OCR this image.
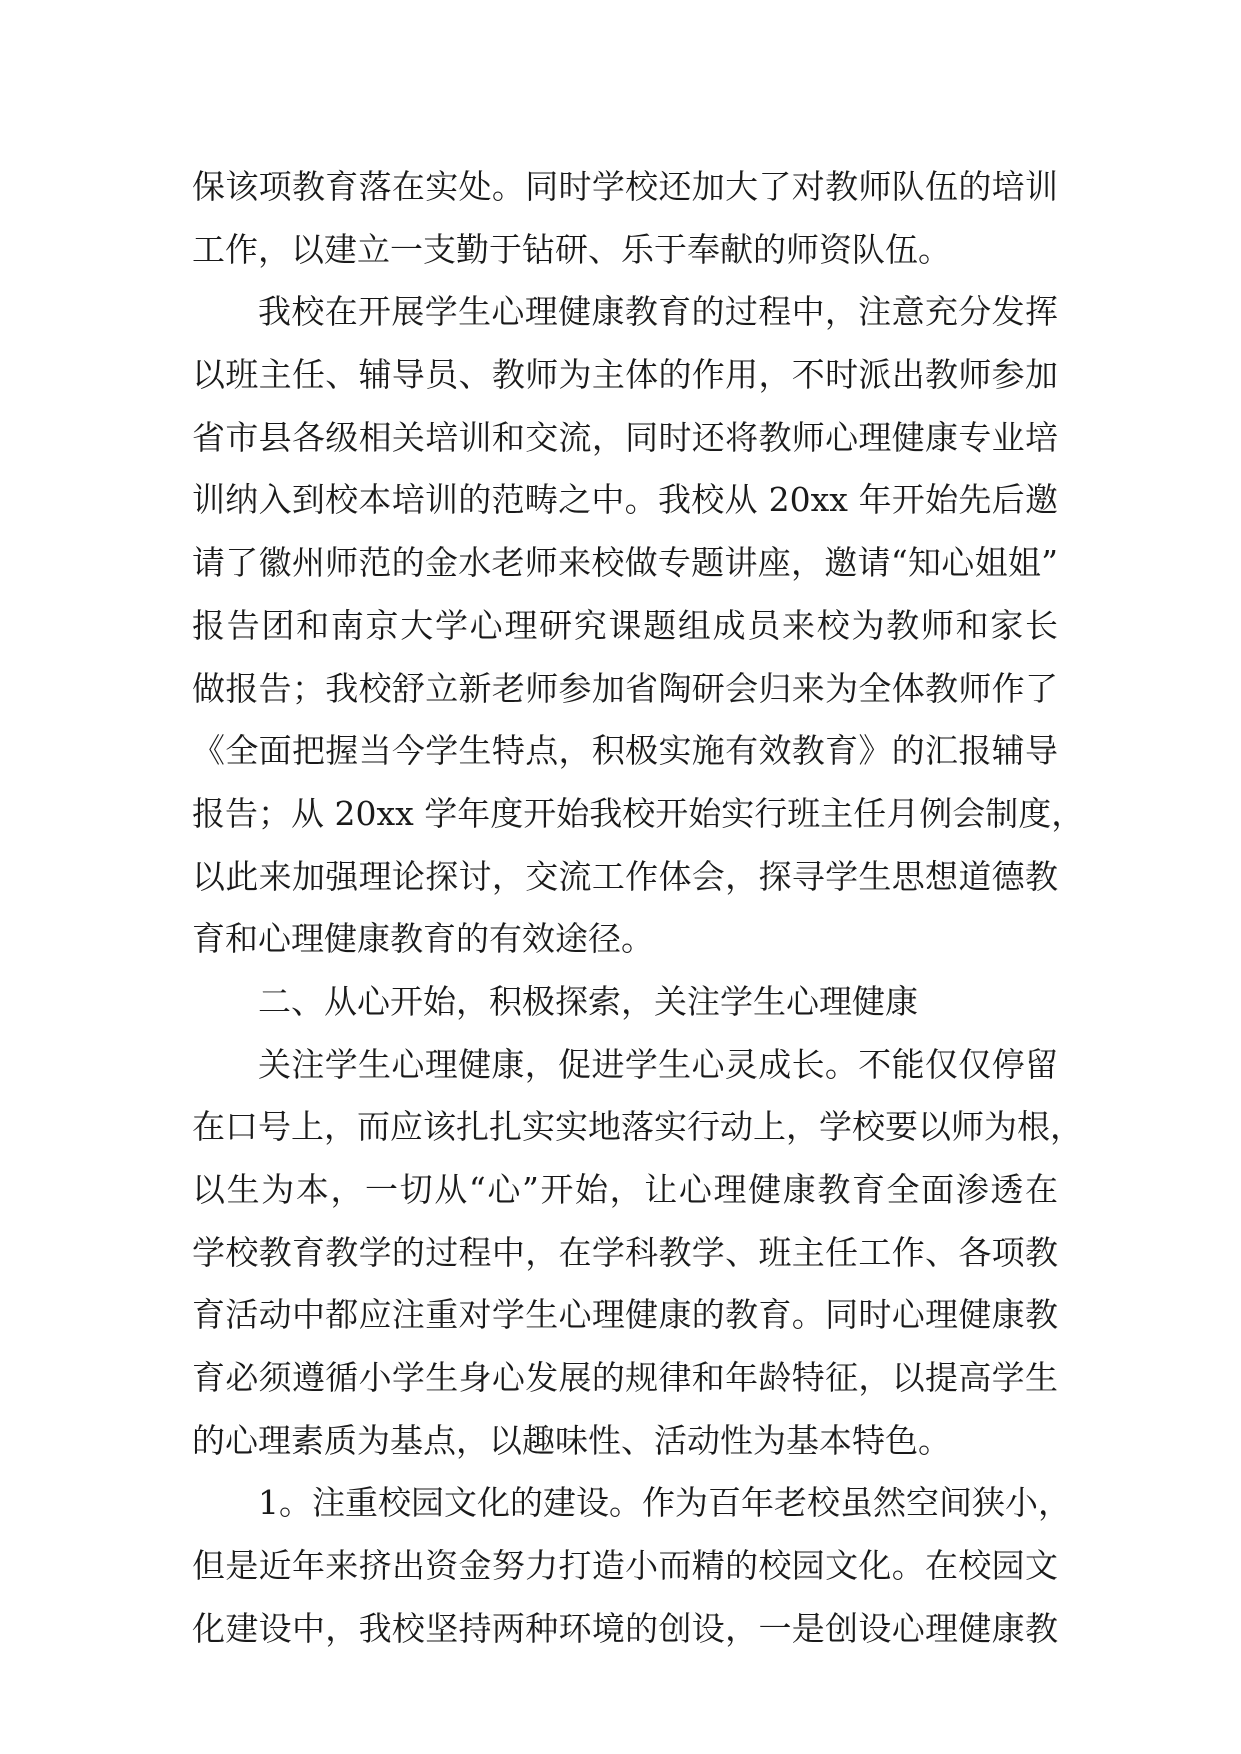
保该项教育落在实处。同时学校还加大了对教师队伍的培训
工作，以建立一支勤于钻研、乐于奉献的师资队伍。
我校在开展学生心理健康教育的过程中，注意充分发挥
以班主任、辅导员、教师为主体的作用，不时派出教师参加
省市县各级相关培训和交流，同时还将教师心理健康专业培
训纳入到校本培训的范畴之中。我校从 20xx 年开始先后邀
请了徽州师范的金水老师来校做专题讲座，邀请“知心姐姐”
报告团和南京大学心理研究课题组成员来校为教师和家长
做报告；我校舒立新老师参加省陶研会归来为全体教师作了
《全面把握当今学生特点，积极实施有效教育》的汇报辅导
报告；从 20xx 学年度开始我校开始实行班主任月例会制度，
以此来加强理论探讨，交流工作体会，探寻学生思想道德教
育和心理健康教育的有效途径。
二、从心开始，积极探索，关注学生心理健康
关注学生心理健康，促进学生心灵成长。不能仅仅停留
在口号上，而应该扎扎实实地落实行动上，学校要以师为根，
以生为本，一切从“心”开始，让心理健康教育全面渗透在
学校教育教学的过程中，在学科教学、班主任工作、各项教
育活动中都应注重对学生心理健康的教育。同时心理健康教
育必须遵循小学生身心发展的规律和年龄特征，以提高学生
的心理素质为基点，以趣味性、活动性为基本特色。
1。注重校园文化的建设。作为百年老校虽然空间狭小，
但是近年来挤出资金努力打造小而精的校园文化。在校园文
化建设中，我校坚持两种环境的创设，一是创设心理健康教
